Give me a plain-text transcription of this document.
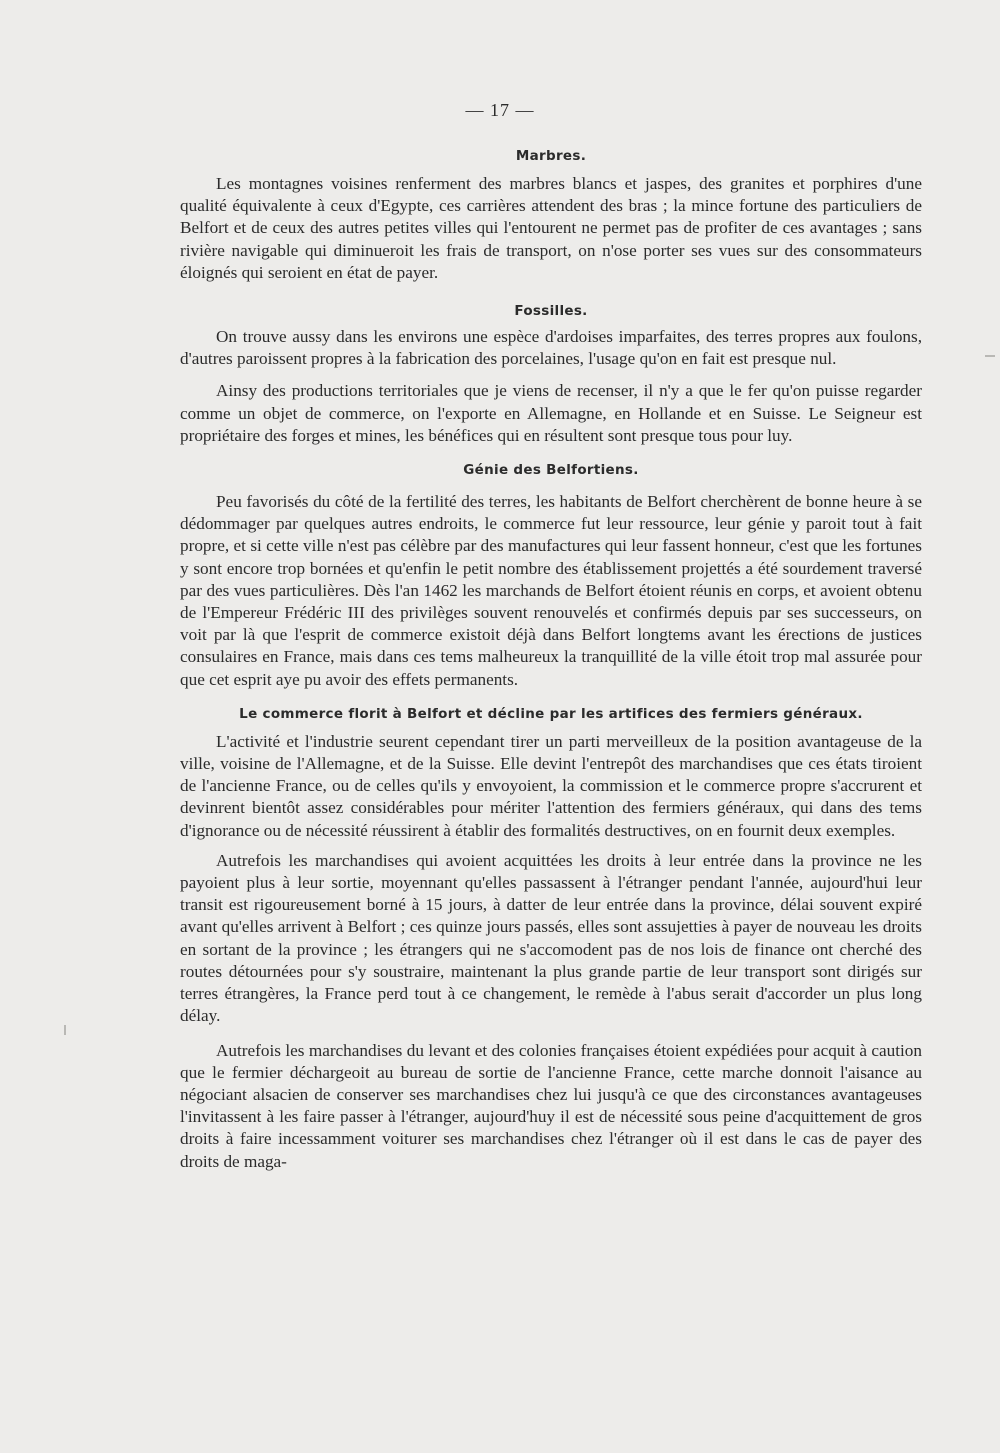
— 17 —
Marbres.

Les montagnes voisines renferment des marbres blancs et jaspes, des granites et porphires d'une qualité équivalente à ceux d'Egypte, ces carrières attendent des bras ; la mince fortune des particuliers de Belfort et de ceux des autres petites villes qui l'entourent ne permet pas de profiter de ces avantages ; sans rivière navigable qui diminueroit les frais de transport, on n'ose porter ses vues sur des consommateurs éloignés qui seroient en état de payer.

Fossilles.

On trouve aussy dans les environs une espèce d'ardoises imparfaites, des terres propres aux foulons, d'autres paroissent propres à la fabrication des porcelaines, l'usage qu'on en fait est presque nul.

Ainsy des productions territoriales que je viens de recenser, il n'y a que le fer qu'on puisse regarder comme un objet de commerce, on l'exporte en Allemagne, en Hollande et en Suisse. Le Seigneur est propriétaire des forges et mines, les bénéfices qui en résultent sont presque tous pour luy.

Génie des Belfortiens.

Peu favorisés du côté de la fertilité des terres, les habitants de Belfort cherchèrent de bonne heure à se dédommager par quelques autres endroits, le commerce fut leur ressource, leur génie y paroit tout à fait propre, et si cette ville n'est pas célèbre par des manufactures qui leur fassent honneur, c'est que les fortunes y sont encore trop bornées et qu'enfin le petit nombre des établissement projettés a été sourdement traversé par des vues particulières. Dès l'an 1462 les marchands de Belfort étoient réunis en corps, et avoient obtenu de l'Empereur Frédéric III des privilèges souvent renouvelés et confirmés depuis par ses successeurs, on voit par là que l'esprit de commerce existoit déjà dans Belfort longtems avant les érections de justices consulaires en France, mais dans ces tems malheureux la tranquillité de la ville étoit trop mal assurée pour que cet esprit aye pu avoir des effets permanents.

Le commerce florit à Belfort et décline par les artifices des fermiers généraux.

L'activité et l'industrie seurent cependant tirer un parti merveilleux de la position avantageuse de la ville, voisine de l'Allemagne, et de la Suisse. Elle devint l'entrepôt des marchandises que ces états tiroient de l'ancienne France, ou de celles qu'ils y envoyoient, la commission et le commerce propre s'accrurent et devinrent bientôt assez considérables pour mériter l'attention des fermiers généraux, qui dans des tems d'ignorance ou de nécessité réussirent à établir des formalités destructives, on en fournit deux exemples.

Autrefois les marchandises qui avoient acquittées les droits à leur entrée dans la province ne les payoient plus à leur sortie, moyennant qu'elles passassent à l'étranger pendant l'année, aujourd'hui leur transit est rigoureusement borné à 15 jours, à datter de leur entrée dans la province, délai souvent expiré avant qu'elles arrivent à Belfort ; ces quinze jours passés, elles sont assujetties à payer de nouveau les droits en sortant de la province ; les étrangers qui ne s'accomodent pas de nos lois de finance ont cherché des routes détournées pour s'y soustraire, maintenant la plus grande partie de leur transport sont dirigés sur terres étrangères, la France perd tout à ce changement, le remède à l'abus serait d'accorder un plus long délay.

Autrefois les marchandises du levant et des colonies françaises étoient expédiées pour acquit à caution que le fermier déchargeoit au bureau de sortie de l'ancienne France, cette marche donnoit l'aisance au négociant alsacien de conserver ses marchandises chez lui jusqu'à ce que des circonstances avantageuses l'invitassent à les faire passer à l'étranger, aujourd'huy il est de nécessité sous peine d'acquittement de gros droits à faire incessamment voiturer ses marchandises chez l'étranger où il est dans le cas de payer des droits de maga-
